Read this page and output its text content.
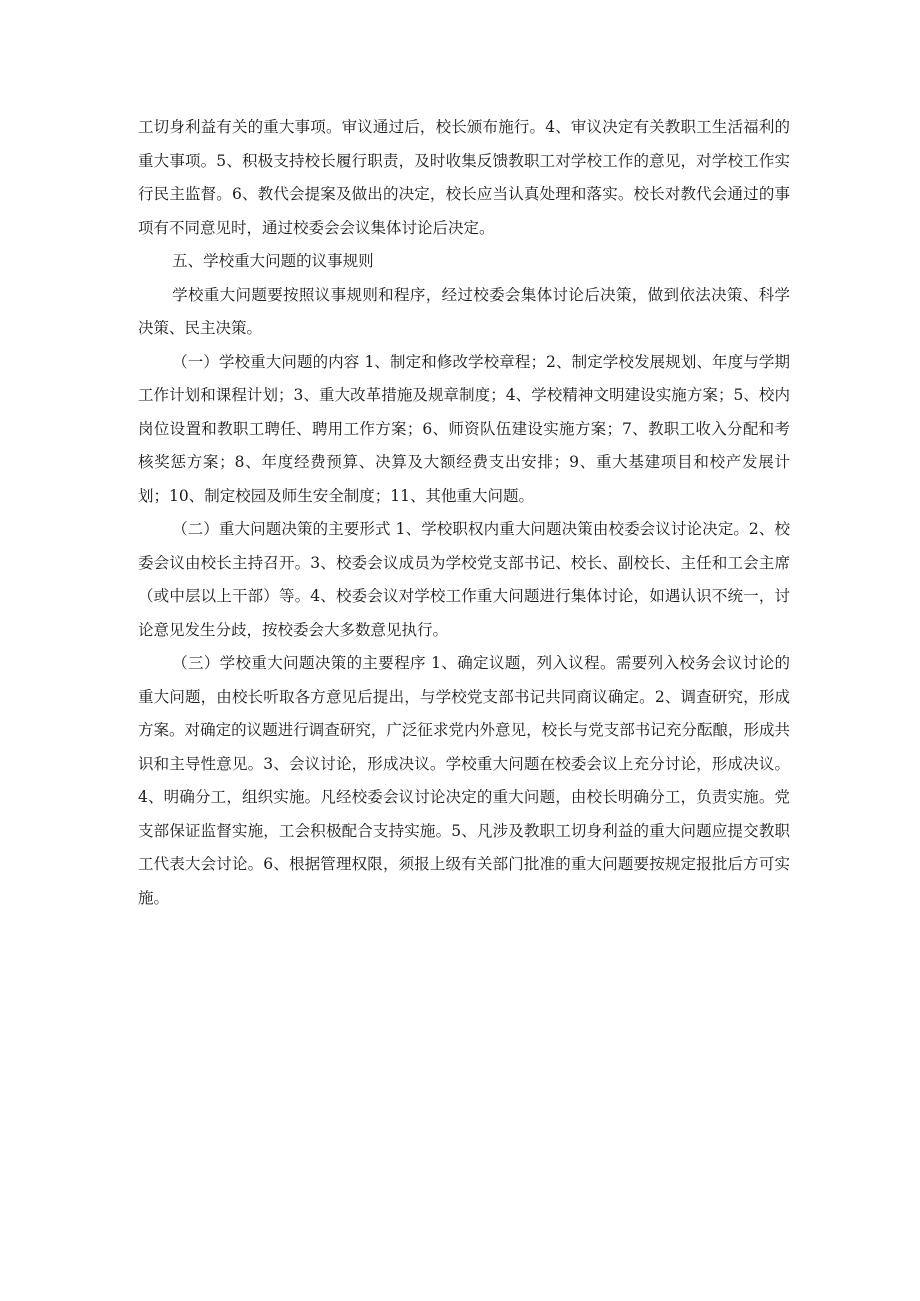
工切身利益有关的重大事项。审议通过后，校长颁布施行。4、审议决定有关教职工生活福利的重大事项。5、积极支持校长履行职责，及时收集反馈教职工对学校工作的意见，对学校工作实行民主监督。6、教代会提案及做出的决定，校长应当认真处理和落实。校长对教代会通过的事项有不同意见时，通过校委会会议集体讨论后决定。

五、学校重大问题的议事规则

学校重大问题要按照议事规则和程序，经过校委会集体讨论后决策，做到依法决策、科学决策、民主决策。

（一）学校重大问题的内容 1、制定和修改学校章程；2、制定学校发展规划、年度与学期工作计划和课程计划；3、重大改革措施及规章制度；4、学校精神文明建设实施方案；5、校内岗位设置和教职工聘任、聘用工作方案；6、师资队伍建设实施方案；7、教职工收入分配和考核奖惩方案；8、年度经费预算、决算及大额经费支出安排；9、重大基建项目和校产发展计划；10、制定校园及师生安全制度；11、其他重大问题。

（二）重大问题决策的主要形式 1、学校职权内重大问题决策由校委会议讨论决定。2、校委会议由校长主持召开。3、校委会议成员为学校党支部书记、校长、副校长、主任和工会主席（或中层以上干部）等。4、校委会议对学校工作重大问题进行集体讨论，如遇认识不统一，讨论意见发生分歧，按校委会大多数意见执行。

（三）学校重大问题决策的主要程序 1、确定议题，列入议程。需要列入校务会议讨论的重大问题，由校长听取各方意见后提出，与学校党支部书记共同商议确定。2、调查研究，形成方案。对确定的议题进行调查研究，广泛征求党内外意见，校长与党支部书记充分酝酿，形成共识和主导性意见。3、会议讨论，形成决议。学校重大问题在校委会议上充分讨论，形成决议。4、明确分工，组织实施。凡经校委会议讨论决定的重大问题，由校长明确分工，负责实施。党支部保证监督实施，工会积极配合支持实施。5、凡涉及教职工切身利益的重大问题应提交教职工代表大会讨论。6、根据管理权限，须报上级有关部门批准的重大问题要按规定报批后方可实施。
